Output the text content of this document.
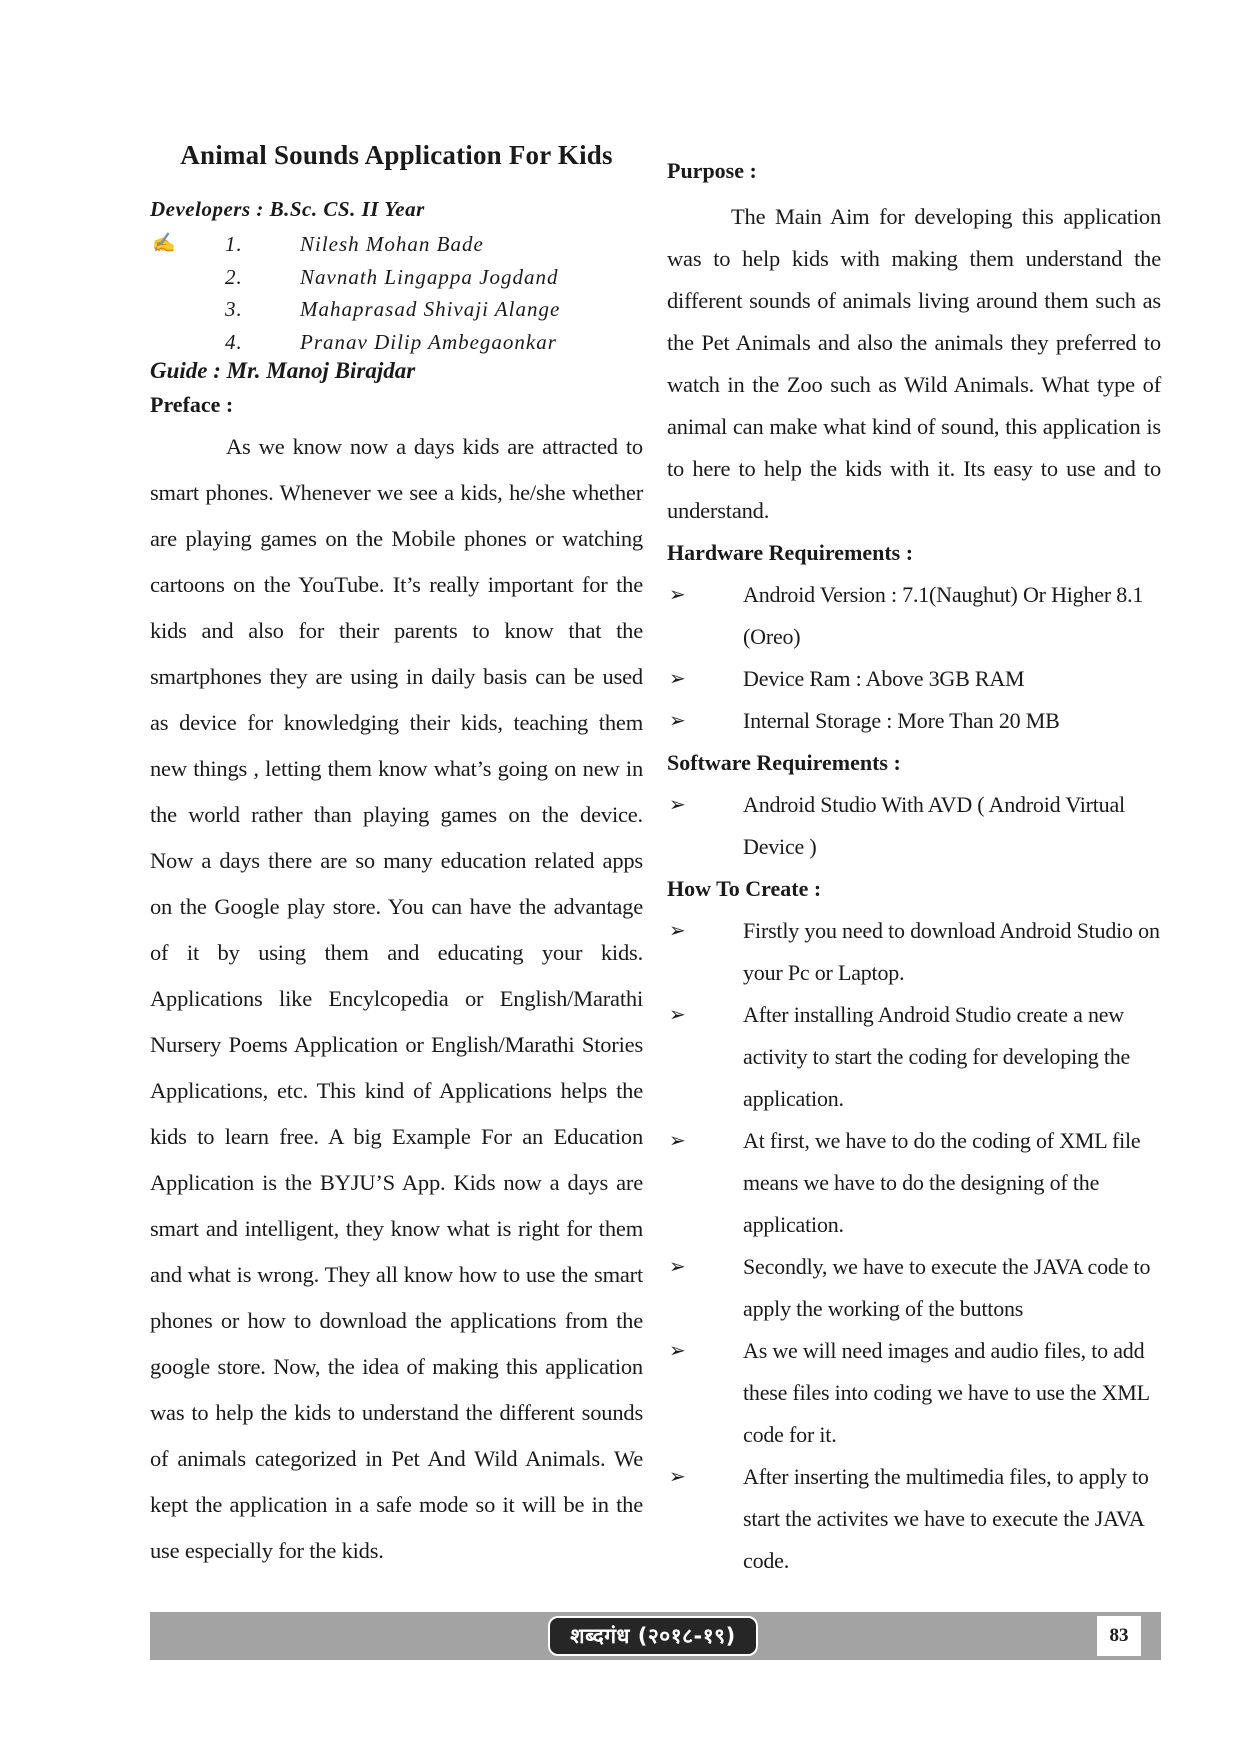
Animal Sounds Application For Kids
Developers : B.Sc. CS. II Year
✍	1.	Nilesh Mohan Bade
2.	Navnath Lingappa Jogdand
3.	Mahaprasad Shivaji Alange
4.	Pranav Dilip Ambegaonkar
Guide : Mr. Manoj Birajdar
Preface :

As we know now a days kids are attracted to smart phones. Whenever we see a kids, he/she whether are playing games on the Mobile phones or watching cartoons on the YouTube. It’s really important for the kids and also for their parents to know that the smartphones they are using in daily basis can be used as device for knowledging their kids, teaching them new things , letting them know what’s going on new in the world rather than playing games on the device. Now a days there are so many education related apps on the Google play store. You can have the advantage of it by using them and educating your kids. Applications like Encylcopedia or English/Marathi Nursery Poems Application or English/Marathi Stories Applications, etc. This kind of Applications helps the kids to learn free. A big Example For an Education Application is the BYJU’S App. Kids now a days are smart and intelligent, they know what is right for them and what is wrong. They all know how to use the smart phones or how to download the applications from the google store. Now, the idea of making this application was to help the kids to understand the different sounds of animals categorized in Pet And Wild Animals. We kept the application in a safe mode so it will be in the use especially for the kids.

Purpose :

The Main Aim for developing this application was to help kids with making them understand the different sounds of animals living around them such as the Pet Animals and also the animals they preferred to watch in the Zoo such as Wild Animals. What type of animal can make what kind of sound, this application is to here to help the kids with it. Its easy to use and to understand.

Hardware Requirements :
➢	Android Version : 7.1(Naughut) Or Higher 8.1 (Oreo)
➢	Device Ram : Above 3GB RAM
➢	Internal Storage : More Than 20 MB
Software Requirements :
➢	Android Studio With AVD ( Android Virtual Device )
How To Create :
➢	Firstly you need to download Android Studio on your Pc or Laptop.
➢	After installing Android Studio create a new activity to start the coding for developing the application.
➢	At first, we have to do the coding of XML file means we have to do the designing of the application.
➢	Secondly, we have to execute the JAVA code to apply the working of the buttons
➢	As we will need images and audio files, to add these files into coding we have to use the XML code for it.
➢	After inserting the multimedia files, to apply to start the activites we have to execute the JAVA code.
शब्दगंध (२०१८-१९)	83
